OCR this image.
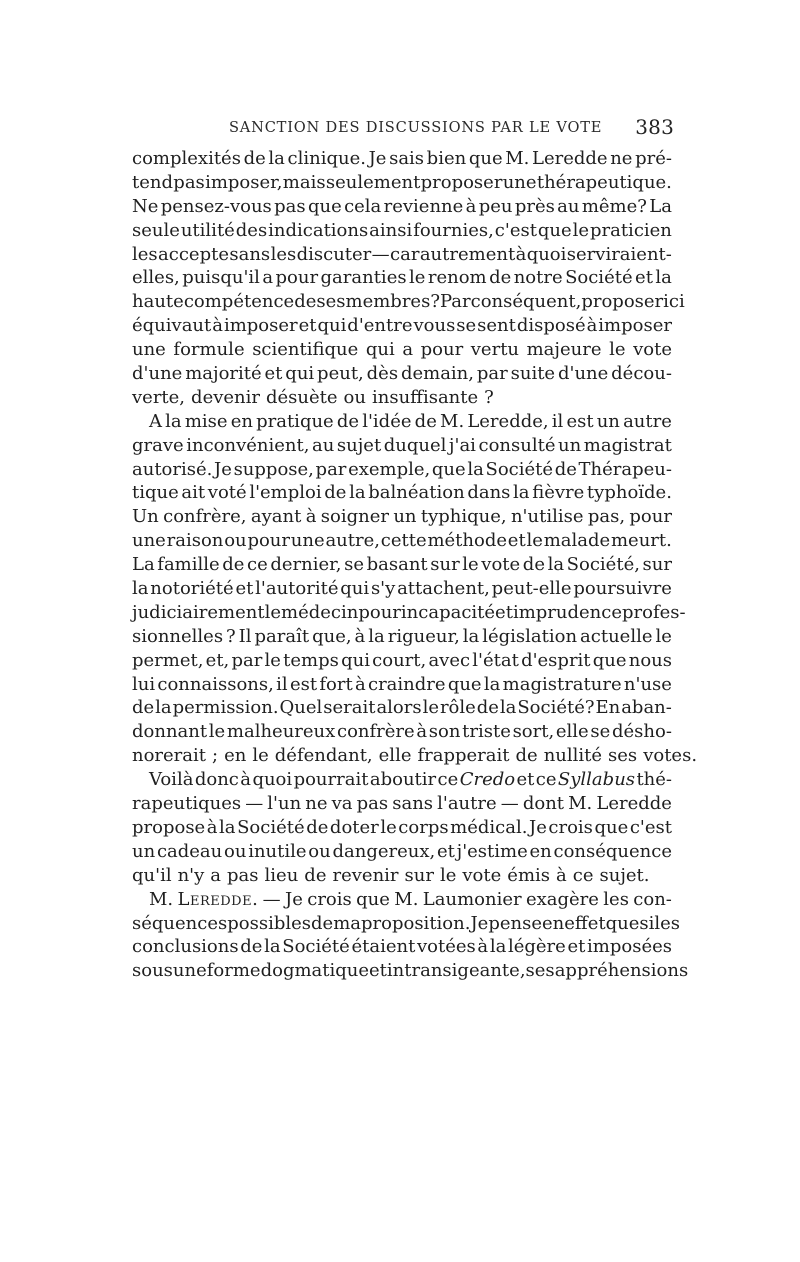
SANCTION DES DISCUSSIONS PAR LE VOTE 383
complexités de la clinique. Je sais bien que M. Leredde ne pré-
tend pas imposer, mais seulement proposer une thérapeutique.
Ne pensez-vous pas que cela revienne à peu près au même? La
seule utilité des indications ainsi fournies, c'est que le praticien
les accepte sans les discuter — car autrement à quoi serviraient-
elles, puisqu'il a pour garanties le renom de notre Société et la
haute compétence de ses membres? Par conséquent, proposer ici
équivaut à imposer et qui d'entre vous se sent disposé à imposer
une formule scientifique qui a pour vertu majeure le vote
d'une majorité et qui peut, dès demain, par suite d'une décou-
verte, devenir désuète ou insuffisante ?
A la mise en pratique de l'idée de M. Leredde, il est un autre
grave inconvénient, au sujet duquel j'ai consulté un magistrat
autorisé. Je suppose, par exemple, que la Société de Thérapeu-
tique ait voté l'emploi de la balnéation dans la fièvre typhoïde.
Un confrère, ayant à soigner un typhique, n'utilise pas, pour
une raison ou pour une autre, cette méthode et le malade meurt.
La famille de ce dernier, se basant sur le vote de la Société, sur
la notoriété et l'autorité qui s'y attachent, peut-elle poursuivre
judiciairement le médecin pour incapacité et imprudence profes-
sionnelles ? Il paraît que, à la rigueur, la législation actuelle le
permet, et, par le temps qui court, avec l'état d'esprit que nous
lui connaissons, il est fort à craindre que la magistrature n'use
de la permission. Quel serait alors le rôle de la Société? En aban-
donnant le malheureux confrère à son triste sort, elle se désho-
norerait ; en le défendant, elle frapperait de nullité ses votes.
Voilà donc à quoi pourrait aboutir ce Credo et ce Syllabus thé-
rapeutiques — l'un ne va pas sans l'autre — dont M. Leredde
propose à la Société de doter le corps médical. Je crois que c'est
un cadeau ou inutile ou dangereux, et j'estime en conséquence
qu'il n'y a pas lieu de revenir sur le vote émis à ce sujet.
M. Leredde. — Je crois que M. Laumonier exagère les con-
séquences possibles de ma proposition. Je pense en effet que si les
conclusions de la Société étaient votées à la légère et imposées
sous une forme dogmatique et intransigeante, ses appréhensions
